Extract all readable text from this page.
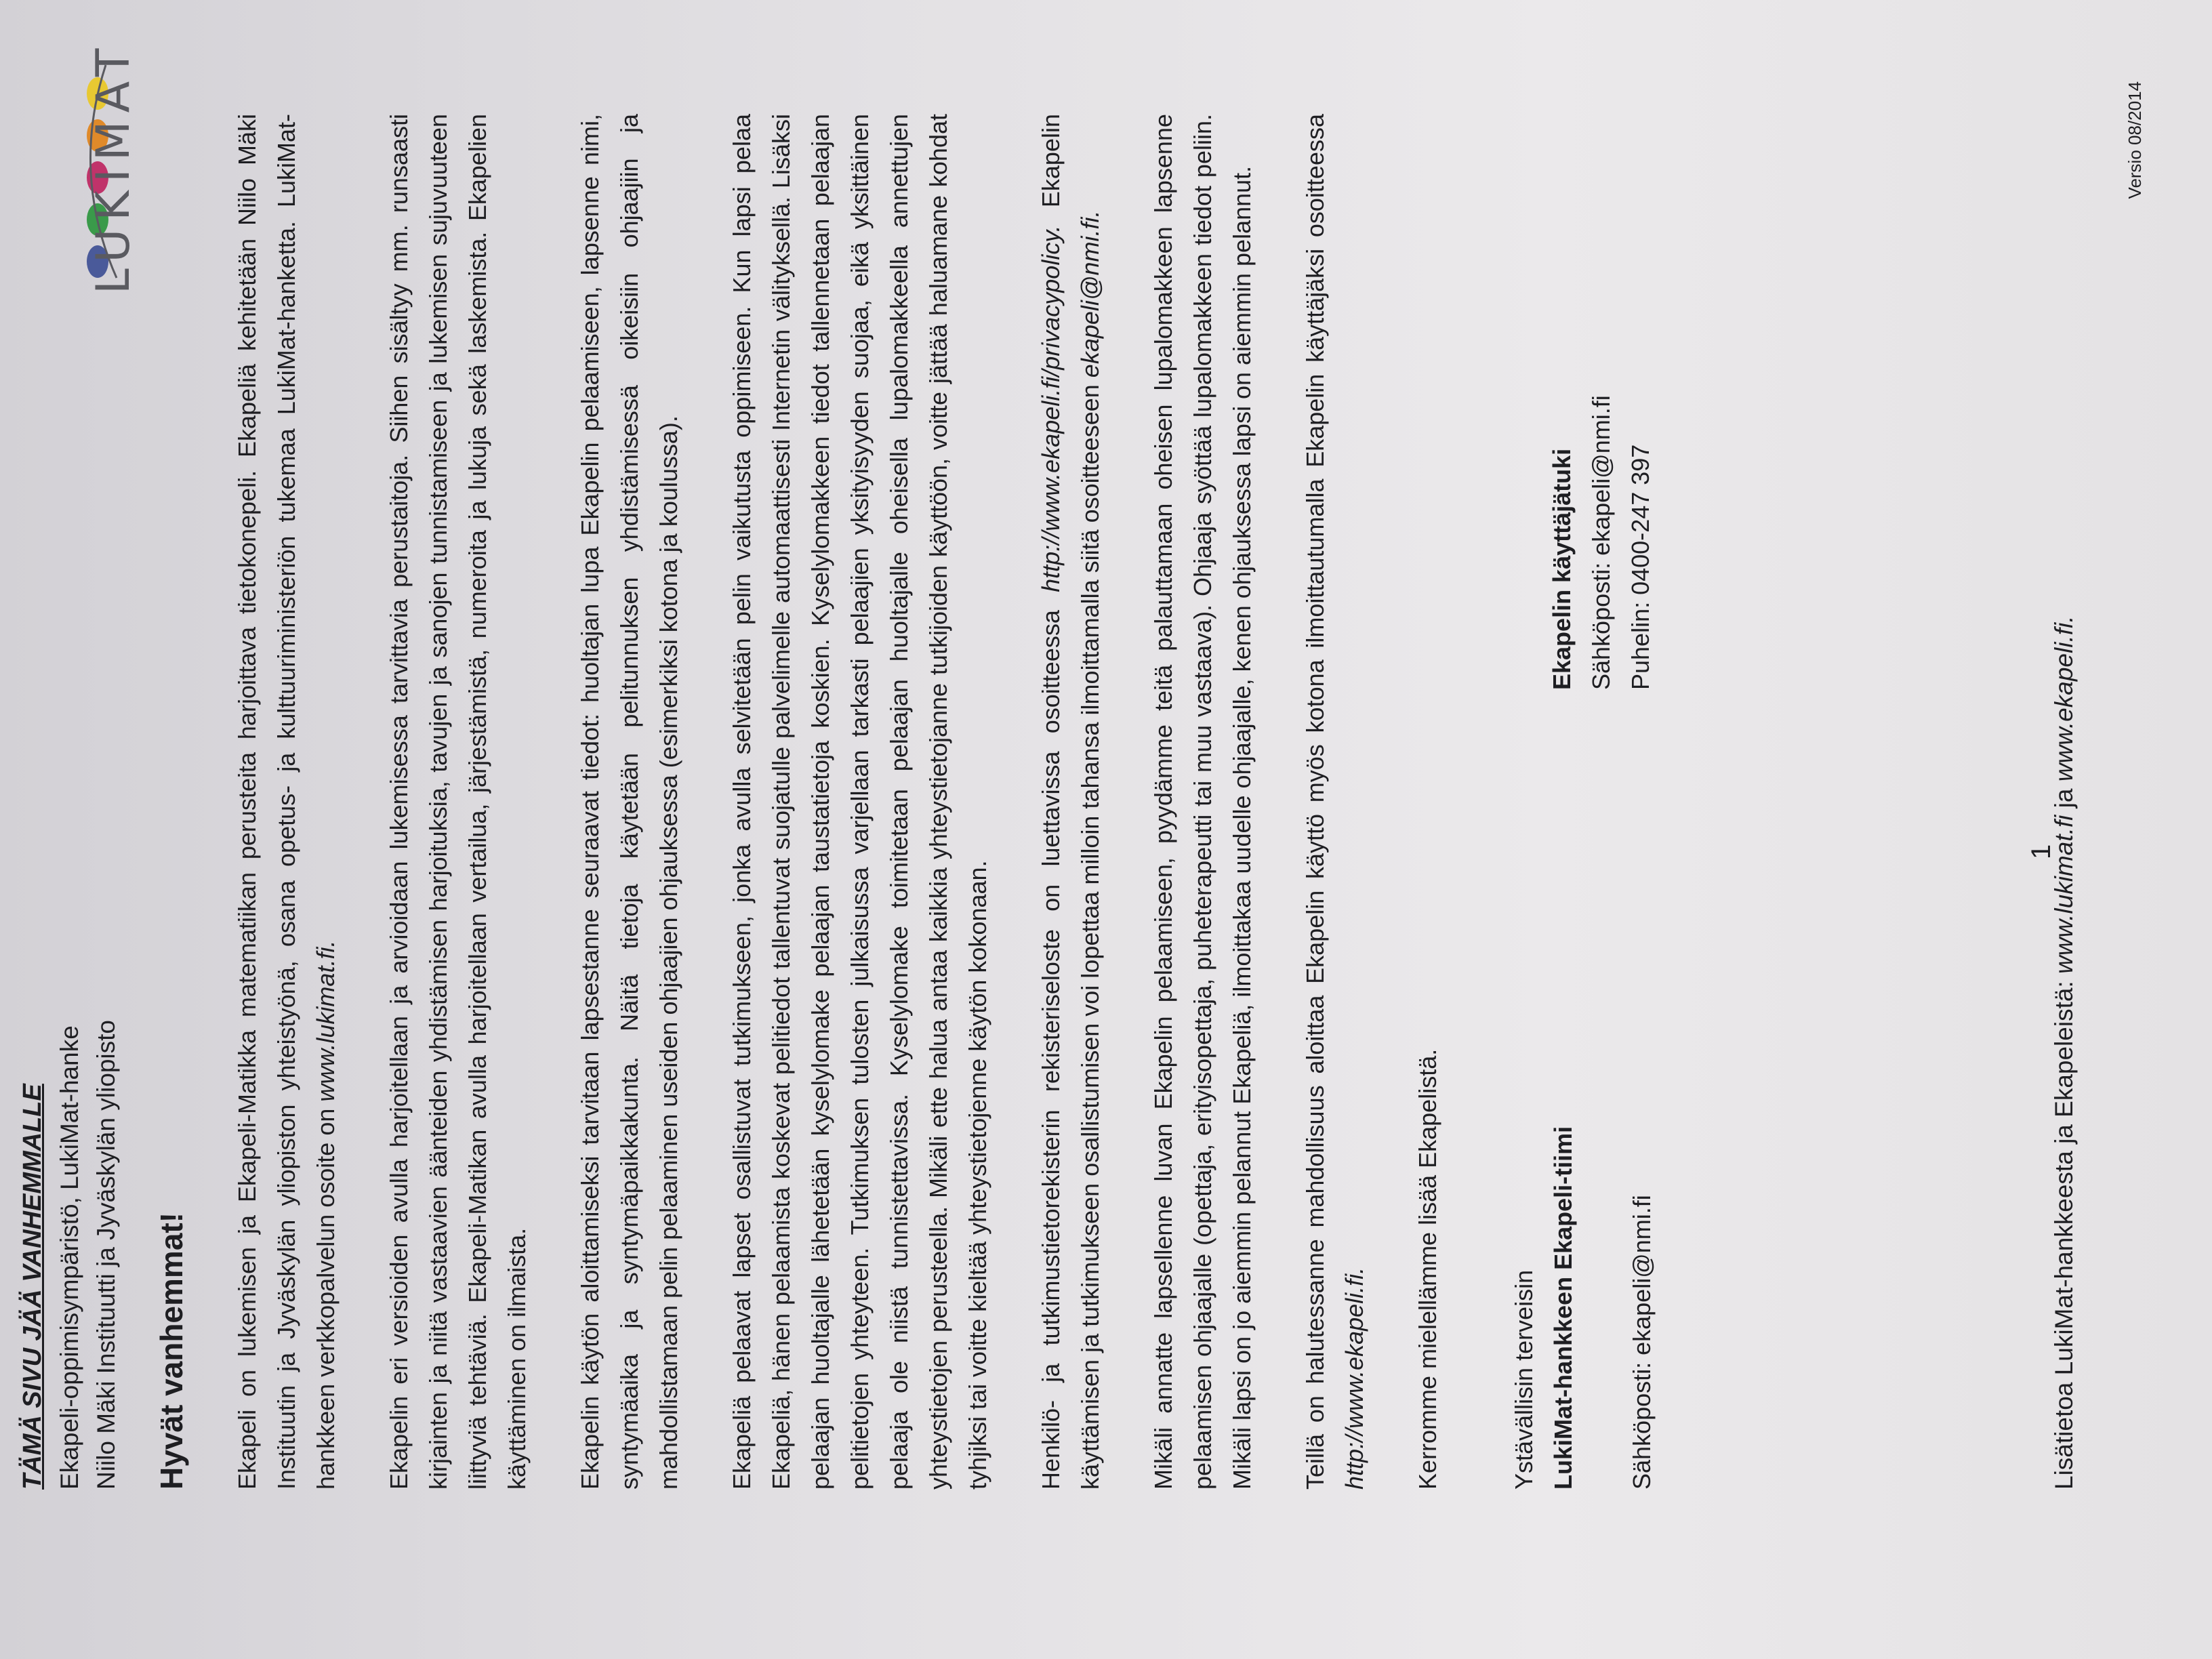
LUKIMAT

TÄMÄ SIVU JÄÄ VANHEMMALLE Ekapeli-oppimisympäristö, LukiMat-hanke Niilo Mäki Instituutti ja Jyväskylän yliopisto Hyvät vanhemmat! Ekapeli on lukemisen ja Ekapeli-Matikka matematiikan perusteita harjoittava tietokonepeli. Ekapeliä kehitetään Niilo Mäki Instituutin ja Jyväskylän yliopiston yhteistyönä, osana opetus- ja kulttuuriministeriön tukemaa LukiMat-hanketta. LukiMat-hankkeen verkkopalvelun osoite on www.lukimat.fi. Ekapelin eri versioiden avulla harjoitellaan ja arvioidaan lukemisessa tarvittavia perustaitoja. Siihen sisältyy mm. runsaasti kirjainten ja niitä vastaavien äänteiden yhdistämisen harjoituksia, tavujen ja sanojen tunnistamiseen ja lukemisen sujuvuuteen liittyviä tehtäviä. Ekapeli-Matikan avulla harjoitellaan vertailua, järjestämistä, numeroita ja lukuja sekä laskemista. Ekapelien käyttäminen on ilmaista. Ekapelin käytön aloittamiseksi tarvitaan lapsestanne seuraavat tiedot: huoltajan lupa Ekapelin pelaamiseen, lapsenne nimi, syntymäaika ja syntymäpaikkakunta. Näitä tietoja käytetään pelitunnuksen yhdistämisessä oikeisiin ohjaajiin ja mahdollistamaan pelin pelaaminen useiden ohjaajien ohjauksessa (esimerkiksi kotona ja koulussa). Ekapeliä pelaavat lapset osallistuvat tutkimukseen, jonka avulla selvitetään pelin vaikutusta oppimiseen. Kun lapsi pelaa Ekapeliä, hänen pelaamista koskevat pelitiedot tallentuvat suojatulle palvelimelle automaattisesti Internetin välityksellä. Lisäksi pelaajan huoltajalle lähetetään kyselylomake pelaajan taustatietoja koskien. Kyselylomakkeen tiedot tallennetaan pelaajan pelitietojen yhteyteen. Tutkimuksen tulosten julkaisussa varjellaan tarkasti pelaajien yksityisyyden suojaa, eikä yksittäinen pelaaja ole niistä tunnistettavissa. Kyselylomake toimitetaan pelaajan huoltajalle oheisella lupalomakkeella annettujen yhteystietojen perusteella. Mikäli ette halua antaa kaikkia yhteystietojanne tutkijoiden käyttöön, voitte jättää haluamane kohdat tyhjiksi tai voitte kieltää yhteystietojenne käytön kokonaan. Henkilö- ja tutkimustietorekisterin rekisteriseloste on luettavissa osoitteessa http://www.ekapeli.fi/privacypolicy. Ekapelin käyttämisen ja tutkimukseen osallistumisen voi lopettaa milloin tahansa ilmoittamalla siitä osoitteeseen ekapeli@nmi.fi. Mikäli annatte lapsellenne luvan Ekapelin pelaamiseen, pyydämme teitä palauttamaan oheisen lupalomakkeen lapsenne pelaamisen ohjaajalle (opettaja, erityisopettaja, puheterapeutti tai muu vastaava). Ohjaaja syöttää lupalomakkeen tiedot peliin. Mikäli lapsi on jo aiemmin pelannut Ekapeliä, ilmoittakaa uudelle ohjaajalle, kenen ohjauksessa lapsi on aiemmin pelannut. Teillä on halutessanne mahdollisuus aloittaa Ekapelin käyttö myös kotona ilmoittautumalla Ekapelin käyttäjäksi osoitteessa http://www.ekapeli.fi. Kerromme mielellämme lisää Ekapelistä.	Ystävällisin terveisin LukiMat-hankkeen Ekapeli-tiimi Sähköposti: ekapeli@nmi.fi

Ekapelin käyttäjätuki Sähköposti: ekapeli@nmi.fi Puhelin: 0400-247 397

1

Lisätietoa LukiMat-hankkeesta ja Ekapeleistä: www.lukimat.fi ja www.ekapeli.fi.

Versio 08/2014
